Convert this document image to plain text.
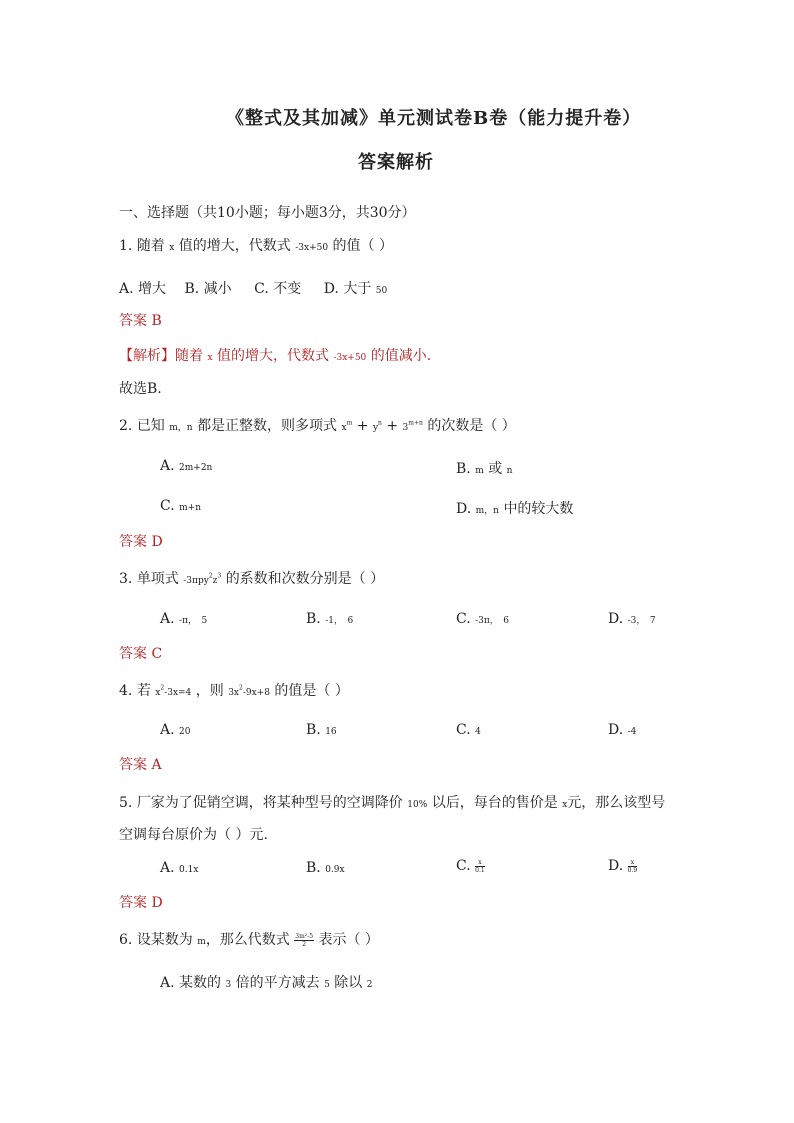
《整式及其加减》单元测试卷B卷（能力提升卷）
答案解析
一、选择题（共10小题；每小题3分，共30分）
1. 随着 x 值的增大，代数式 -3x+50 的值（ ）
A. 增大 B. 减小 C. 不变 D. 大于 50
答案 B
【解析】随着 x 值的增大，代数式 -3x+50 的值减小.
故选B.
2. 已知 m，n 都是正整数，则多项式 $x^m + y^n + 3^{m+n}$ 的次数是（ ）
A. 2m+2n	B. m 或 n
C. m+n	D. m，n 中的较大数
答案 D
3. 单项式 $-3\pi py^2z^3$ 的系数和次数分别是（ ）
A. -π， 5	B. -1， 6	C. -3π， 6	D. -3， 7
答案 C
4. 若 $x^2-3x=4$ ，则 $3x^2-9x+8$ 的值是（ ）
A. 20	B. 16	C. 4	D. -4
答案 A
5. 厂家为了促销空调，将某种型号的空调降价 10% 以后，每台的售价是 x元，那么该型号
空调每台原价为（ ）元.
A. 0.1x	B. 0.9x	C. $\frac{x}{0.1}$	D. $\frac{x}{0.9}$
答案 D
6. 设某数为 m，那么代数式 $\frac{\text{3m²-5}}{2}$ 表示（ ）
A. 某数的 3 倍的平方减去 5 除以 2
